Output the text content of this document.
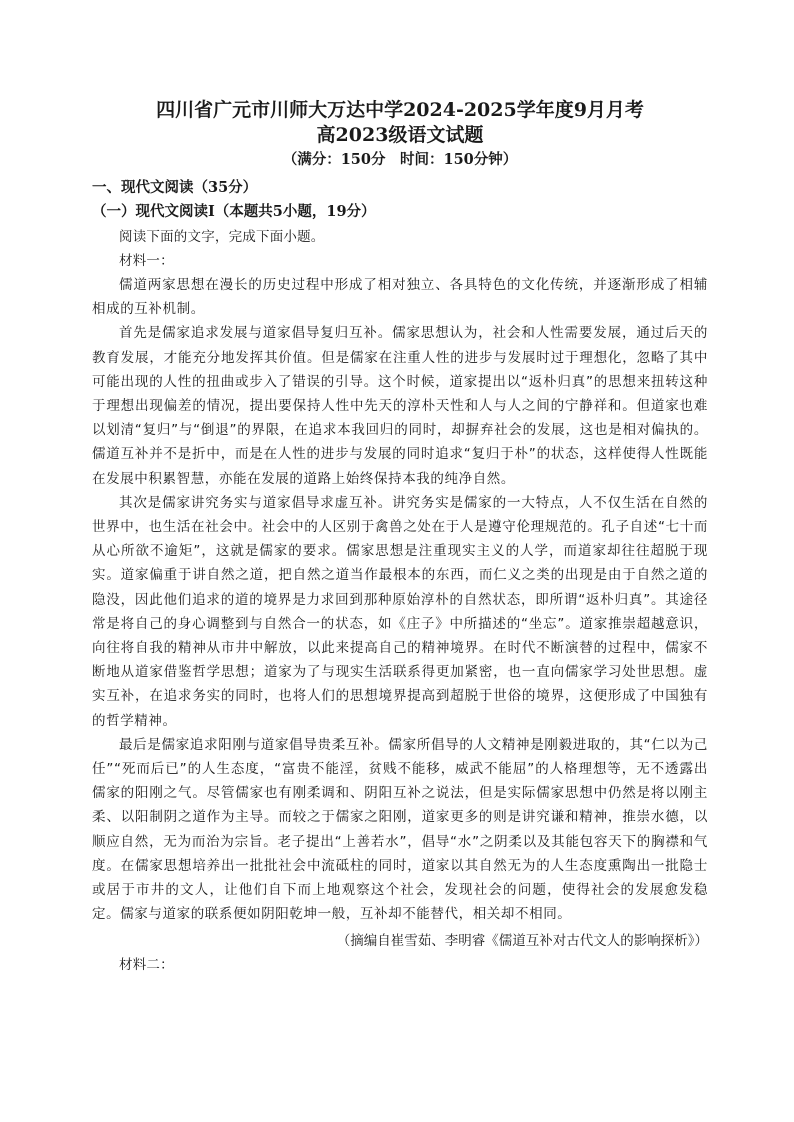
四川省广元市川师大万达中学2024-2025学年度9月月考

高2023级语文试题

（满分：150分　时间：150分钟）

一、现代文阅读（35分）

（一）现代文阅读Ⅰ（本题共5小题，19分）

阅读下面的文字，完成下面小题。

材料一：

儒道两家思想在漫长的历史过程中形成了相对独立、各具特色的文化传统，并逐渐形成了相辅相成的互补机制。

首先是儒家追求发展与道家倡导复归互补。儒家思想认为，社会和人性需要发展，通过后天的教育发展，才能充分地发挥其价值。但是儒家在注重人性的进步与发展时过于理想化，忽略了其中可能出现的人性的扭曲或步入了错误的引导。这个时候，道家提出以“返朴归真”的思想来扭转这种于理想出现偏差的情况，提出要保持人性中先天的淳朴天性和人与人之间的宁静祥和。但道家也难以划清“复归”与“倒退”的界限，在追求本我回归的同时，却摒弃社会的发展，这也是相对偏执的。儒道互补并不是折中，而是在人性的进步与发展的同时追求“复归于朴”的状态，这样使得人性既能在发展中积累智慧，亦能在发展的道路上始终保持本我的纯净自然。

其次是儒家讲究务实与道家倡导求虚互补。讲究务实是儒家的一大特点，人不仅生活在自然的世界中，也生活在社会中。社会中的人区别于禽兽之处在于人是遵守伦理规范的。孔子自述“七十而从心所欲不逾矩”，这就是儒家的要求。儒家思想是注重现实主义的人学，而道家却往往超脱于现实。道家偏重于讲自然之道，把自然之道当作最根本的东西，而仁义之类的出现是由于自然之道的隐没，因此他们追求的道的境界是力求回到那种原始淳朴的自然状态，即所谓“返朴归真”。其途径常是将自己的身心调整到与自然合一的状态，如《庄子》中所描述的“坐忘”。道家推崇超越意识，向往将自我的精神从市井中解放，以此来提高自己的精神境界。在时代不断演替的过程中，儒家不断地从道家借鉴哲学思想；道家为了与现实生活联系得更加紧密，也一直向儒家学习处世思想。虚实互补，在追求务实的同时，也将人们的思想境界提高到超脱于世俗的境界，这便形成了中国独有的哲学精神。

最后是儒家追求阳刚与道家倡导贵柔互补。儒家所倡导的人文精神是刚毅进取的，其“仁以为己任”“死而后已”的人生态度，“富贵不能淫，贫贱不能移，威武不能屈”的人格理想等，无不透露出儒家的阳刚之气。尽管儒家也有刚柔调和、阴阳互补之说法，但是实际儒家思想中仍然是将以刚主柔、以阳制阴之道作为主导。而较之于儒家之阳刚，道家更多的则是讲究谦和精神，推崇水德，以顺应自然，无为而治为宗旨。老子提出“上善若水”，倡导“水”之阴柔以及其能包容天下的胸襟和气度。在儒家思想培养出一批批社会中流砥柱的同时，道家以其自然无为的人生态度熏陶出一批隐士或居于市井的文人，让他们自下而上地观察这个社会，发现社会的问题，使得社会的发展愈发稳定。儒家与道家的联系便如阴阳乾坤一般，互补却不能替代，相关却不相同。

（摘编自崔雪茹、李明睿《儒道互补对古代文人的影响探析》）

材料二：
